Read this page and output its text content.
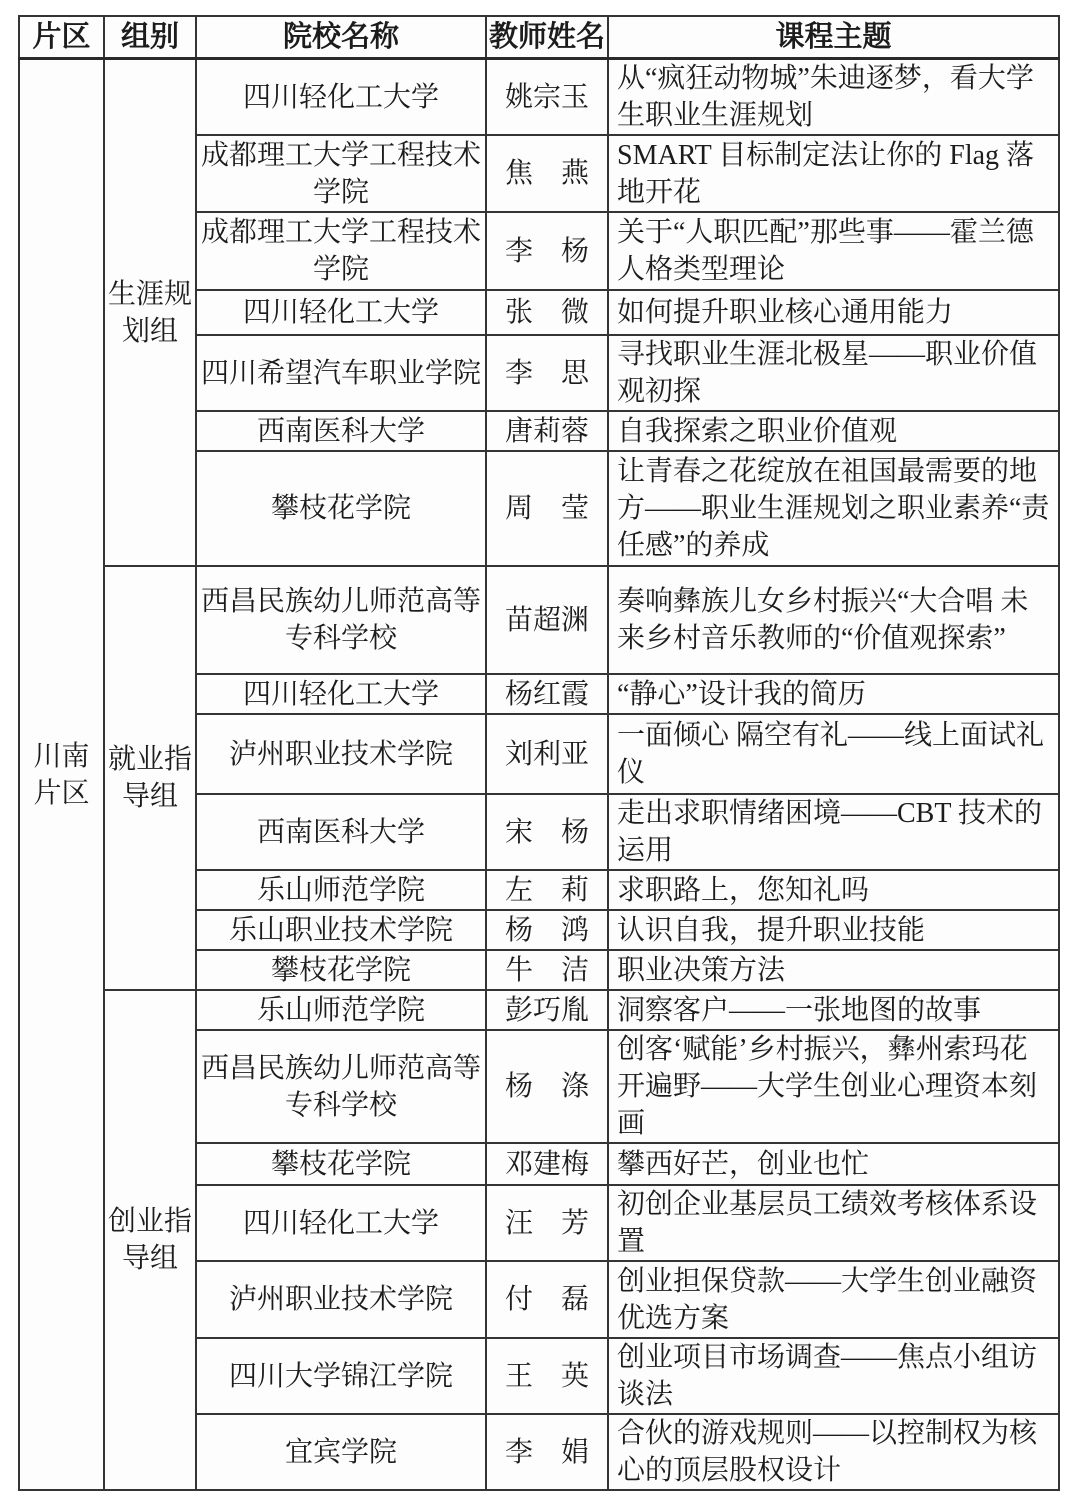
片区	组别	院校名称	教师姓名	课程主题
川南片区	生涯规划组	四川轻化工大学	姚宗玉	从“疯狂动物城”朱迪逐梦，看大学生职业生涯规划
		成都理工大学工程技术学院	焦　燕	SMART 目标制定法让你的 Flag 落地开花
		成都理工大学工程技术学院	李　杨	关于“人职匹配”那些事——霍兰德人格类型理论
		四川轻化工大学	张　微	如何提升职业核心通用能力
		四川希望汽车职业学院	李　思	寻找职业生涯北极星——职业价值观初探
		西南医科大学	唐莉蓉	自我探索之职业价值观
		攀枝花学院	周　莹	让青春之花绽放在祖国最需要的地方——职业生涯规划之职业素养“责任感”的养成
	就业指导组	西昌民族幼儿师范高等专科学校	苗超渊	奏响彝族儿女乡村振兴“大合唱 未来乡村音乐教师的“价值观探索”
		四川轻化工大学	杨红霞	“静心”设计我的简历
		泸州职业技术学院	刘利亚	一面倾心 隔空有礼——线上面试礼仪
		西南医科大学	宋　杨	走出求职情绪困境——CBT 技术的运用
		乐山师范学院	左　莉	求职路上，您知礼吗
		乐山职业技术学院	杨　鸿	认识自我，提升职业技能
		攀枝花学院	牛　洁	职业决策方法
	创业指导组	乐山师范学院	彭巧胤	洞察客户——一张地图的故事
		西昌民族幼儿师范高等专科学校	杨　涤	创客‘赋能’乡村振兴，彝州索玛花开遍野——大学生创业心理资本刻画
		攀枝花学院	邓建梅	攀西好芒，创业也忙
		四川轻化工大学	汪　芳	初创企业基层员工绩效考核体系设置
		泸州职业技术学院	付　磊	创业担保贷款——大学生创业融资优选方案
		四川大学锦江学院	王　英	创业项目市场调查——焦点小组访谈法
		宜宾学院	李　娟	合伙的游戏规则——以控制权为核心的顶层股权设计
